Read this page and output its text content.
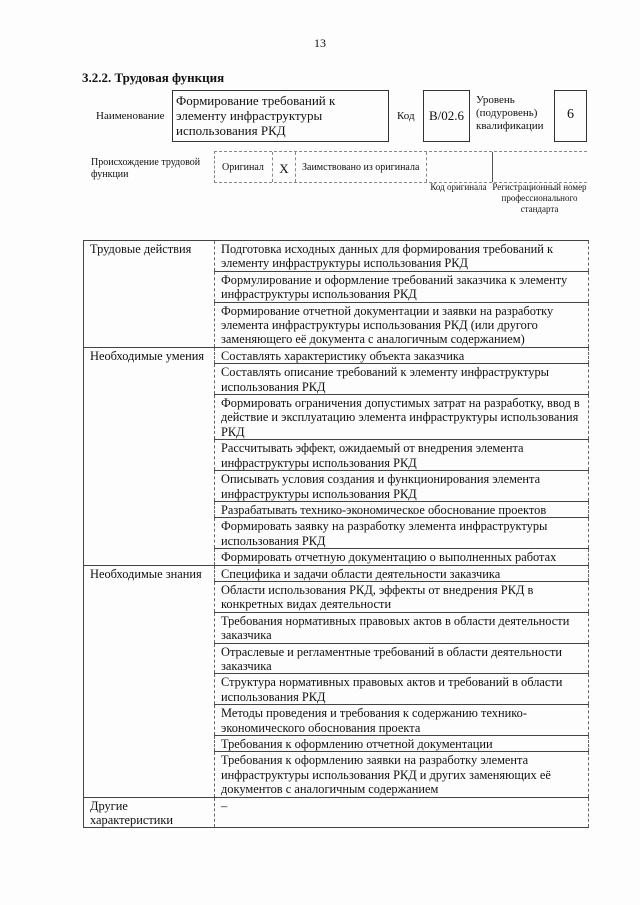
13
3.2.2. Трудовая функция
Наименование
Формирование требований к элементу инфраструктуры использования РКД
Код	В/02.6
Уровень (подуровень) квалификации
6
Происхождение трудовой функции
Оригинал	$_X$	Заимствовано из оригинала
Код оригинала Регистрационный номер профессионального стандарта
Трудовые действия	Подготовка исходных данных для формирования требований к элементу инфраструктуры использования РКД
	Формулирование и оформление требований заказчика к элементу инфраструктуры использования РКД
	Формирование отчетной документации и заявки на разработку элемента инфраструктуры использования РКД (или другого заменяющего её документа с аналогичным содержанием)
Необходимые умения	Составлять характеристику объекта заказчика
	Составлять описание требований к элементу инфраструктуры использования РКД
	Формировать ограничения допустимых затрат на разработку, ввод в действие и эксплуатацию элемента инфраструктуры использования РКД
	Рассчитывать эффект, ожидаемый от внедрения элемента инфраструктуры использования РКД
	Описывать условия создания и функционирования элемента инфраструктуры использования РКД
	Разрабатывать технико-экономическое обоснование проектов
	Формировать заявку на разработку элемента инфраструктуры использования РКД
	Формировать отчетную документацию о выполненных работах
Необходимые знания	Специфика и задачи области деятельности заказчика
	Области использования РКД, эффекты от внедрения РКД в конкретных видах деятельности
	Требования нормативных правовых актов в области деятельности заказчика
	Отраслевые и регламентные требований в области деятельности заказчика
	Структура нормативных правовых актов и требований в области использования РКД
	Методы проведения и требования к содержанию технико-экономического обоснования проекта
	Требования к оформлению отчетной документации
	Требования к оформлению заявки на разработку элемента инфраструктуры использования РКД и других заменяющих её документов с аналогичным содержанием
Другие характеристики	–
